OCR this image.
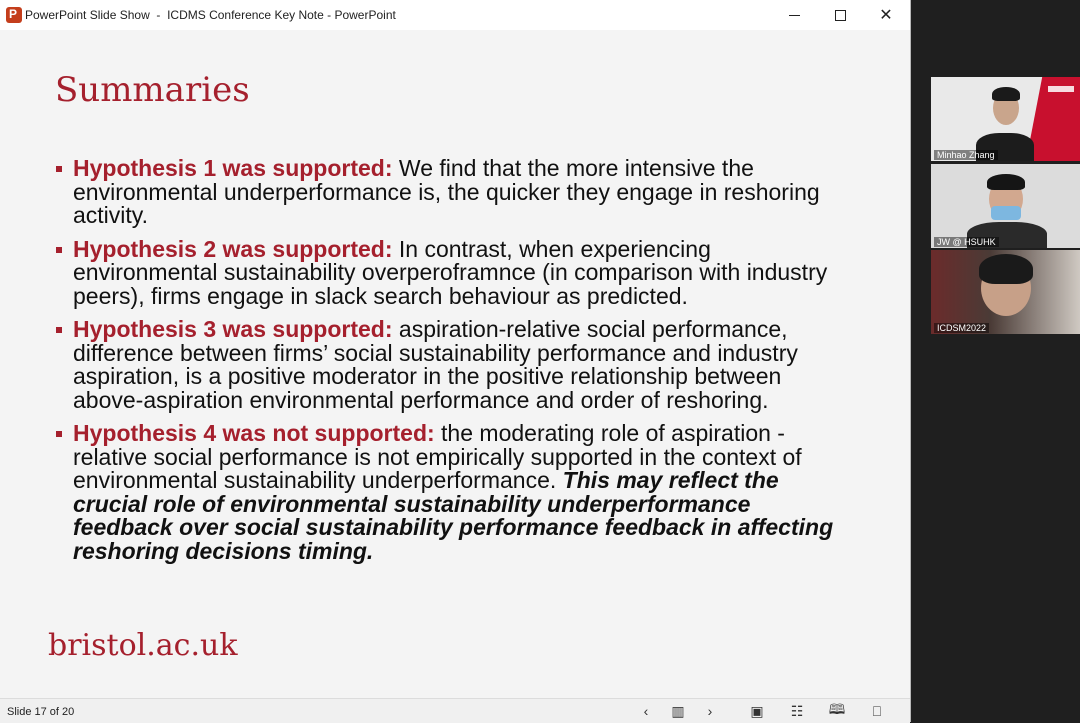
P
PowerPoint Slide Show  -  ICDMS Conference Key Note - PowerPoint	✕
Summaries
Hypothesis 1 was supported: We find that the more intensive the environmental underperformance is, the quicker they engage in reshoring activity.
Hypothesis 2 was supported: In contrast, when experiencing environmental sustainability overperoframnce (in comparison with industry peers), firms engage in slack search behaviour as predicted.
Hypothesis 3 was supported: aspiration-relative social performance, difference between firms’ social sustainability performance and industry aspiration, is a positive moderator in the positive relationship between above-aspiration environmental performance and order of reshoring.
Hypothesis 4 was not supported: the moderating role of aspiration -relative social performance is not empirically supported in the context of environmental sustainability underperformance. This may reflect the crucial role of environmental sustainability underperformance feedback over social sustainability performance feedback in affecting reshoring decisions timing.
bristol.ac.uk
Slide 17 of 20	‹ ▥ ›	▣ ☷ 🕮 ⎕
Minhao Zhang
JW @ HSUHK
ICDSM2022
